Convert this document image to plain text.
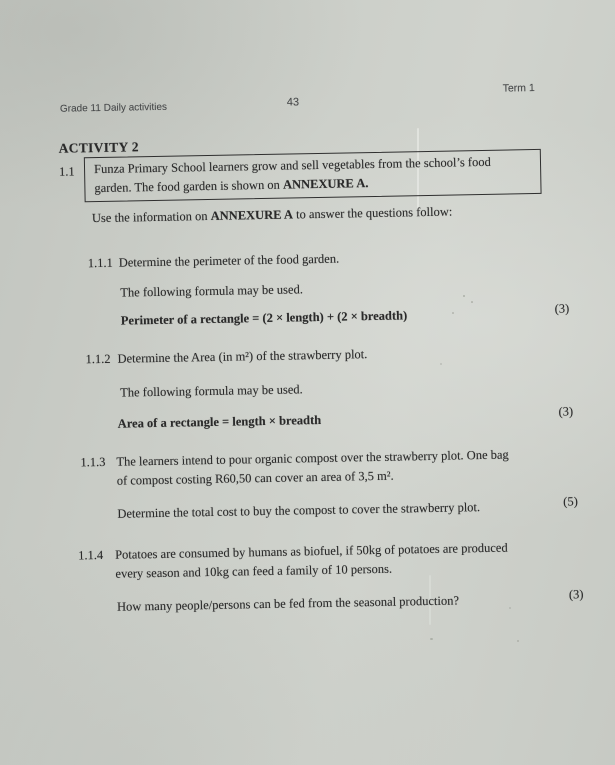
Grade 11 Daily activities	43
Term 1
ACTIVITY 2
1.1 Funza Primary School learners grow and sell vegetables from the school’s food
garden. The food garden is shown on ANNEXURE A.
Use the information on ANNEXURE A to answer the questions follow:
1.1.1 Determine the perimeter of the food garden.
The following formula may be used.
Perimeter of a rectangle = (2 × length) + (2 × breadth)	(3)
1.1.2 Determine the Area (in m²) of the strawberry plot.
The following formula may be used.
Area of a rectangle = length × breadth
(3)
1.1.3 The learners intend to pour organic compost over the strawberry plot. One bag
of compost costing R60,50 can cover an area of 3,5 m².
Determine the total cost to buy the compost to cover the strawberry plot.	(5)
1.1.4 Potatoes are consumed by humans as biofuel, if 50kg of potatoes are produced
every season and 10kg can feed a family of 10 persons.
How many people/persons can be fed from the seasonal production?	(3)
